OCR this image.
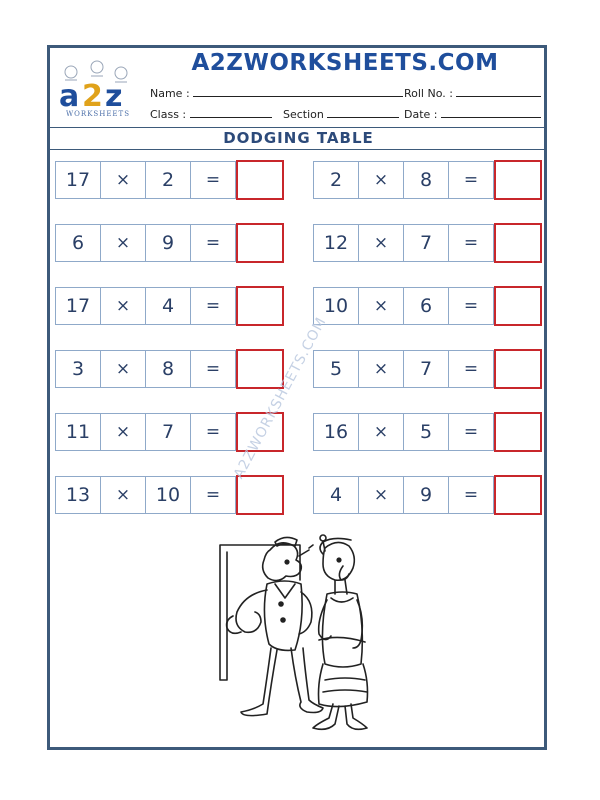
a 2 z
WORKSHEETS
A2ZWORKSHEETS.COM
Name :	Roll No. :
Class :	Section	Date :
DODGING TABLE
17	×	2	=
6	×	9	=
17	×	4	=
3	×	8	=
11	×	7	=
13	×	10	=
2	×	8	=
12	×	7	=
10	×	6	=
5	×	7	=
16	×	5	=
4	×	9	=
A2ZWORKSHEETS.COM
